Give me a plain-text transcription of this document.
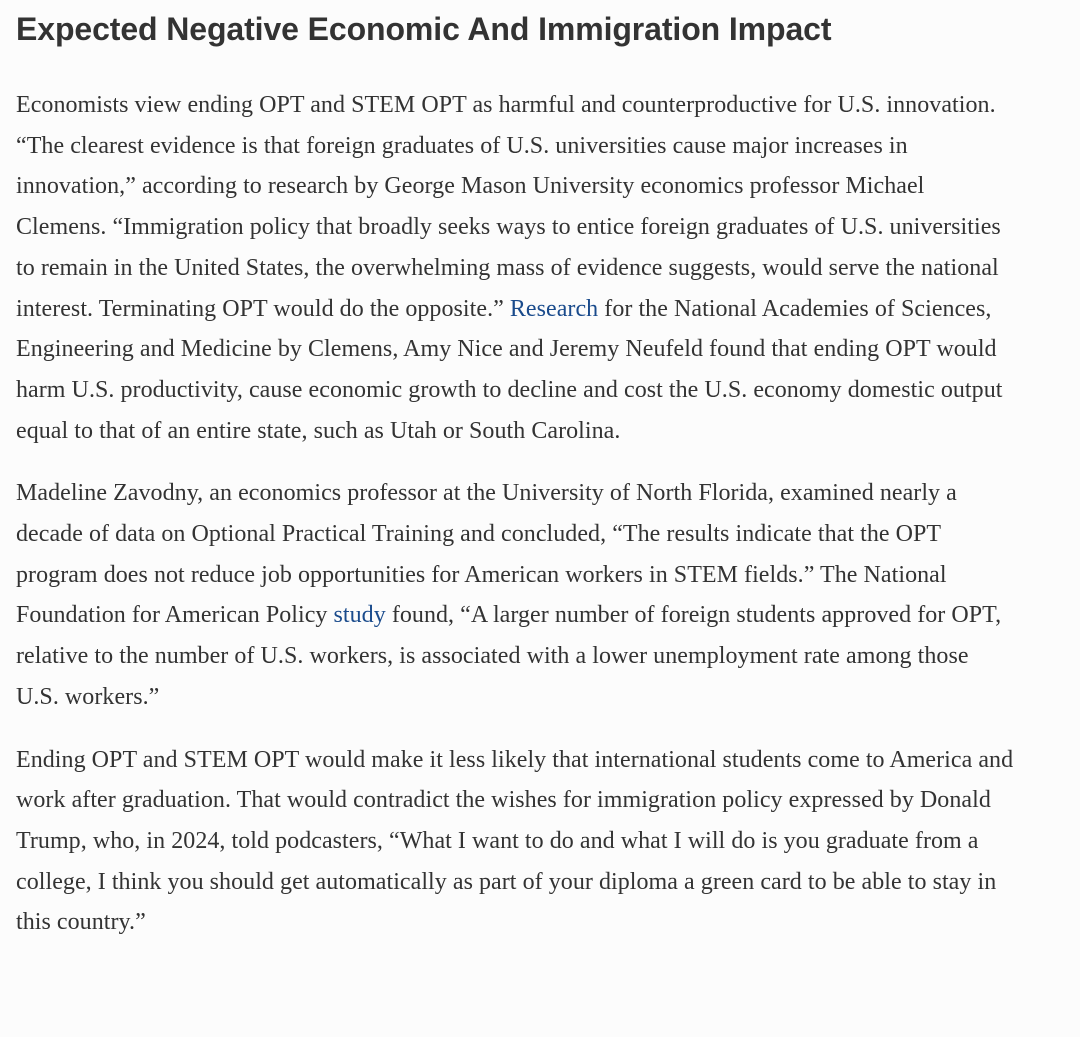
Expected Negative Economic And Immigration Impact

Economists view ending OPT and STEM OPT as harmful and counterproductive for U.S. innovation. “The clearest evidence is that foreign graduates of U.S. universities cause major increases in innovation,” according to research by George Mason University economics professor Michael Clemens. “Immigration policy that broadly seeks ways to entice foreign graduates of U.S. universities to remain in the United States, the overwhelming mass of evidence suggests, would serve the national interest. Terminating OPT would do the opposite.” Research for the National Academies of Sciences, Engineering and Medicine by Clemens, Amy Nice and Jeremy Neufeld found that ending OPT would harm U.S. productivity, cause economic growth to decline and cost the U.S. economy domestic output equal to that of an entire state, such as Utah or South Carolina.

Madeline Zavodny, an economics professor at the University of North Florida, examined nearly a decade of data on Optional Practical Training and concluded, “The results indicate that the OPT program does not reduce job opportunities for American workers in STEM fields.” The National Foundation for American Policy study found, “A larger number of foreign students approved for OPT, relative to the number of U.S. workers, is associated with a lower unemployment rate among those U.S. workers.”

Ending OPT and STEM OPT would make it less likely that international students come to America and work after graduation. That would contradict the wishes for immigration policy expressed by Donald Trump, who, in 2024, told podcasters, “What I want to do and what I will do is you graduate from a college, I think you should get automatically as part of your diploma a green card to be able to stay in this country.”
